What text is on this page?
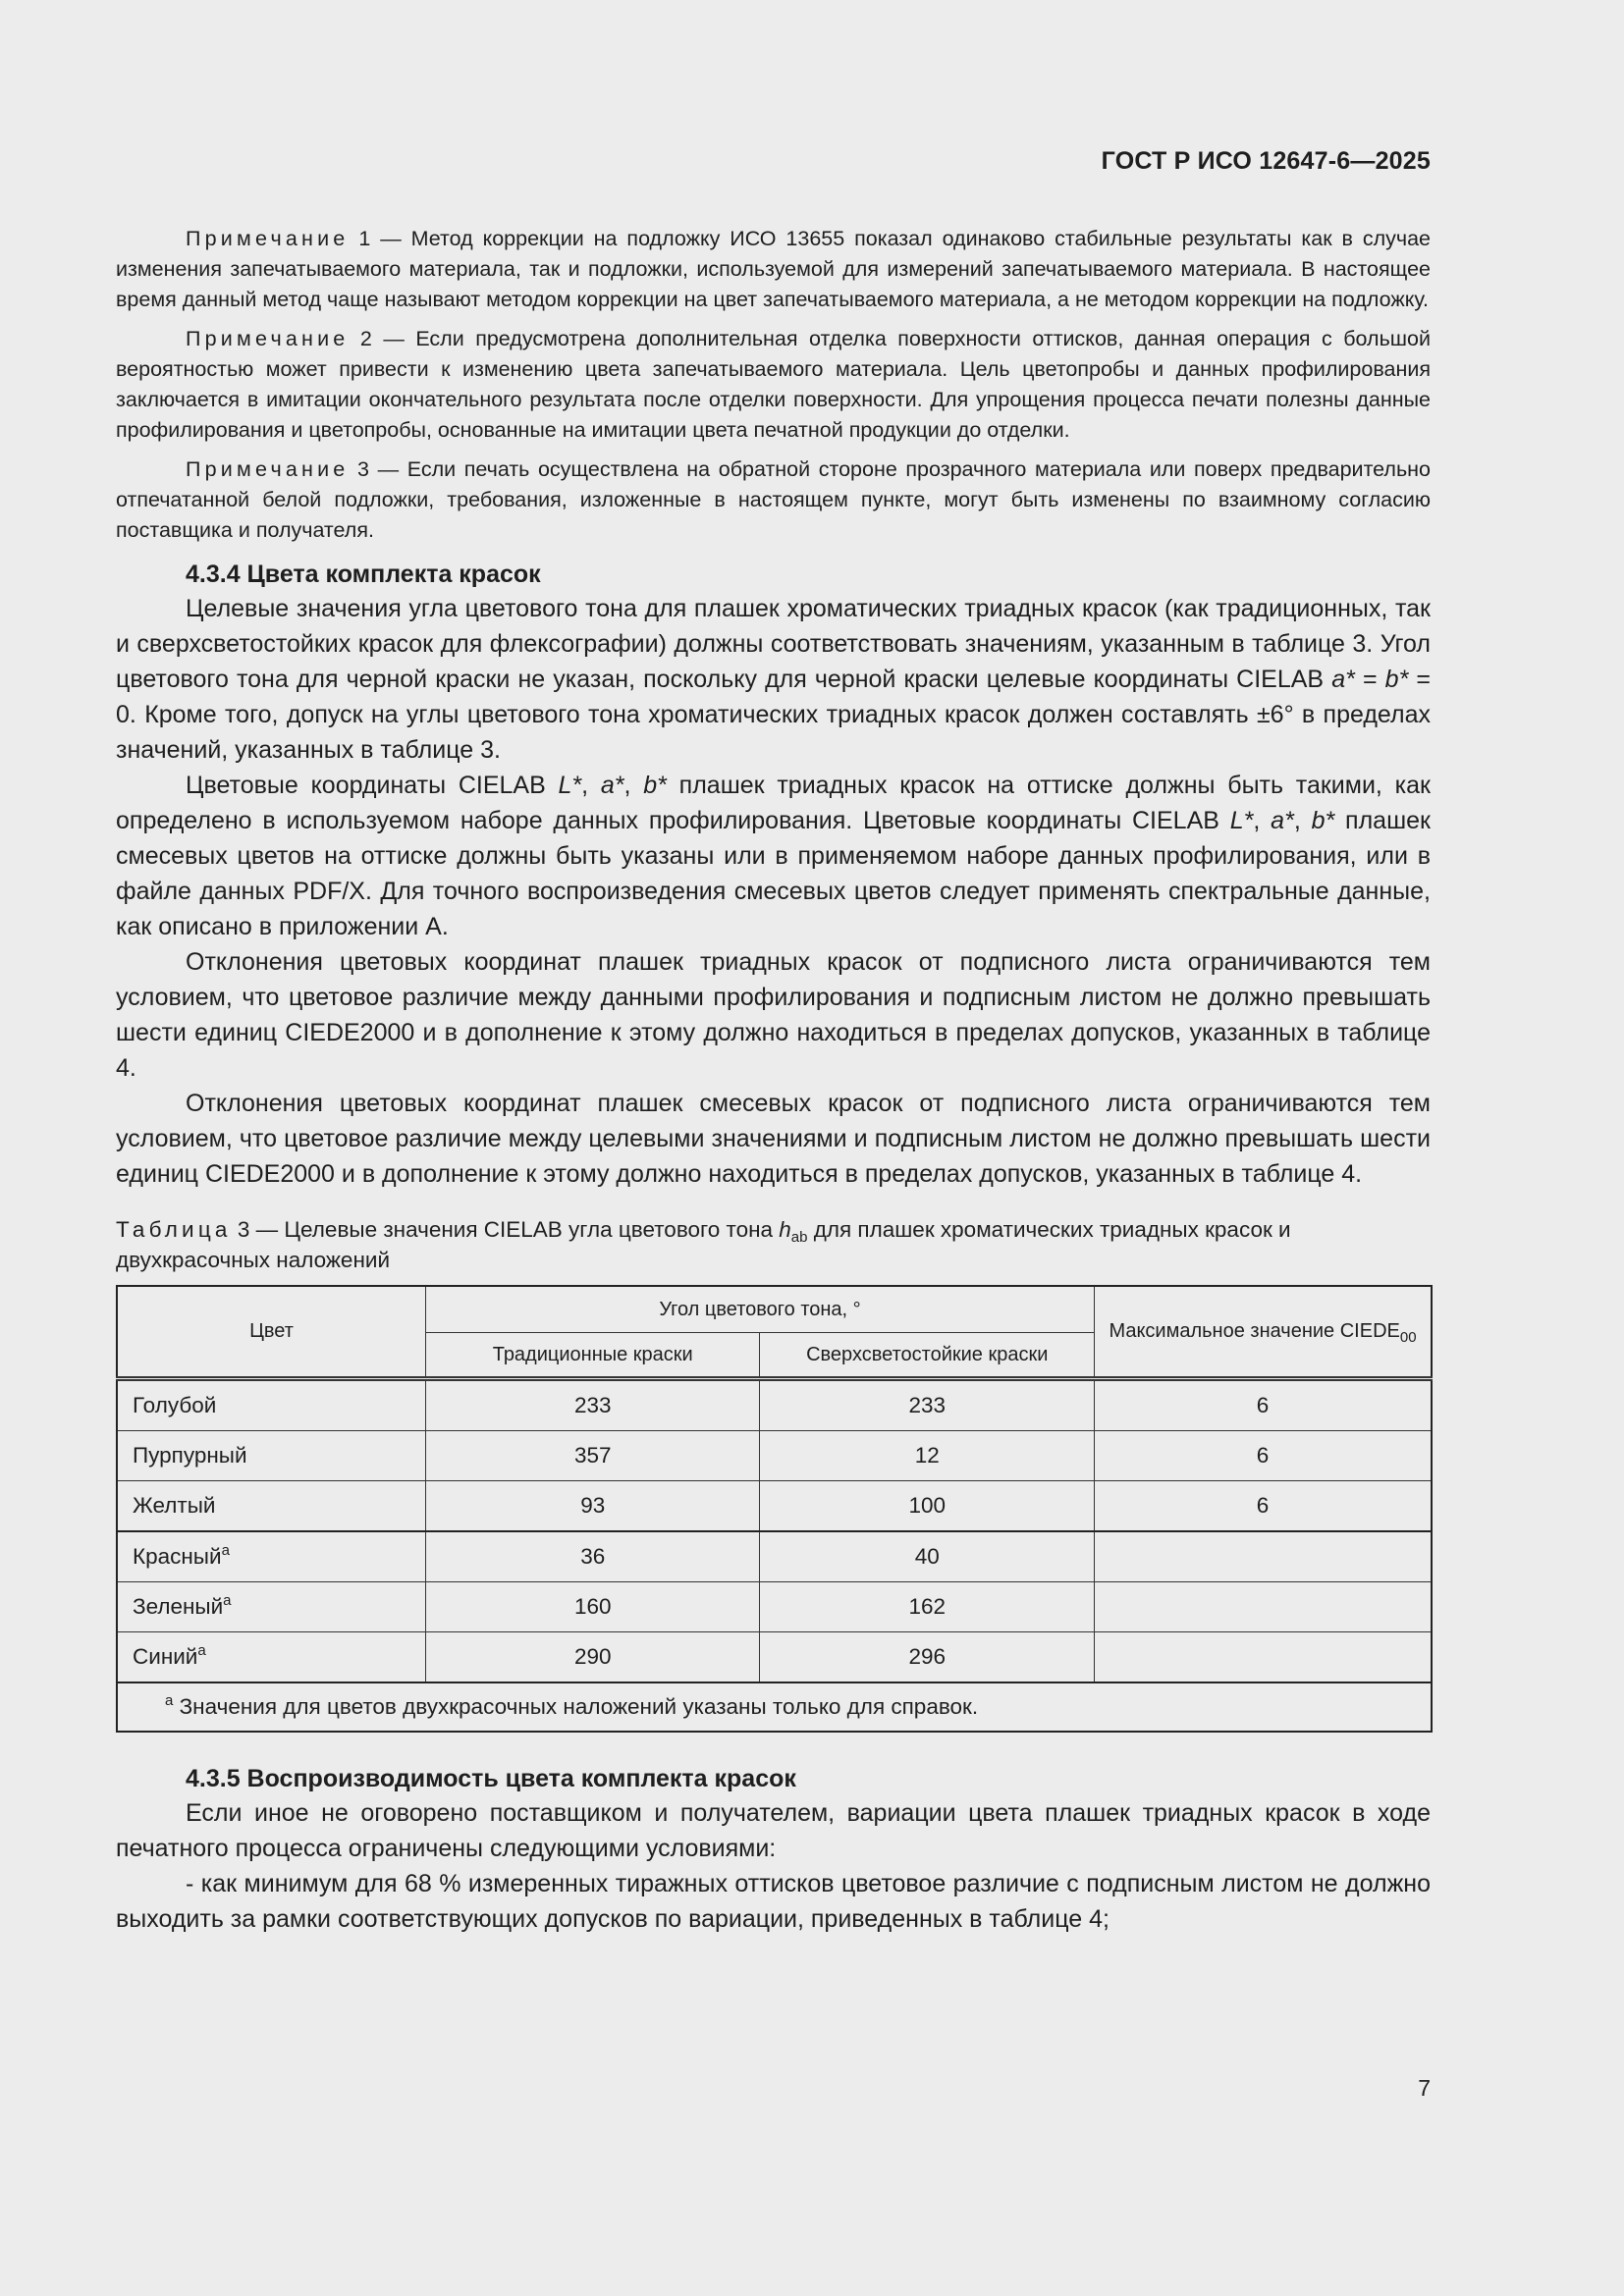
ГОСТ Р ИСО 12647-6—2025

Примечание 1 — Метод коррекции на подложку ИСО 13655 показал одинаково стабильные результаты как в случае изменения запечатываемого материала, так и подложки, используемой для измерений запечатываемого материала. В настоящее время данный метод чаще называют методом коррекции на цвет запечатываемого материала, а не методом коррекции на подложку.

Примечание 2 — Если предусмотрена дополнительная отделка поверхности оттисков, данная операция с большой вероятностью может привести к изменению цвета запечатываемого материала. Цель цветопробы и данных профилирования заключается в имитации окончательного результата после отделки поверхности. Для упрощения процесса печати полезны данные профилирования и цветопробы, основанные на имитации цвета печатной продукции до отделки.

Примечание 3 — Если печать осуществлена на обратной стороне прозрачного материала или поверх предварительно отпечатанной белой подложки, требования, изложенные в настоящем пункте, могут быть изменены по взаимному согласию поставщика и получателя.

4.3.4 Цвета комплекта красок

Целевые значения угла цветового тона для плашек хроматических триадных красок (как традиционных, так и сверхсветостойких красок для флексографии) должны соответствовать значениям, указанным в таблице 3. Угол цветового тона для черной краски не указан, поскольку для черной краски целевые координаты CIELAB a* = b* = 0. Кроме того, допуск на углы цветового тона хроматических триадных красок должен составлять ±6° в пределах значений, указанных в таблице 3.

Цветовые координаты CIELAB L*, a*, b* плашек триадных красок на оттиске должны быть такими, как определено в используемом наборе данных профилирования. Цветовые координаты CIELAB L*, a*, b* плашек смесевых цветов на оттиске должны быть указаны или в применяемом наборе данных профилирования, или в файле данных PDF/X. Для точного воспроизведения смесевых цветов следует применять спектральные данные, как описано в приложении А.

Отклонения цветовых координат плашек триадных красок от подписного листа ограничиваются тем условием, что цветовое различие между данными профилирования и подписным листом не должно превышать шести единиц CIEDE2000 и в дополнение к этому должно находиться в пределах допусков, указанных в таблице 4.

Отклонения цветовых координат плашек смесевых красок от подписного листа ограничиваются тем условием, что цветовое различие между целевыми значениями и подписным листом не должно превышать шести единиц CIEDE2000 и в дополнение к этому должно находиться в пределах допусков, указанных в таблице 4.

Таблица 3 — Целевые значения CIELAB угла цветового тона $h_{ab}$ для плашек хроматических триадных красок и двухкрасочных наложений
Цвет	Угол цветового тона, °		Максимальное значение $CIEDE_{00}$
	Традиционные краски	Сверхсветостойкие краски	
Голубой	233	233	6
Пурпурный	357	12	6
Желтый	93	100	6
Красный$^а$	36	40	
Зеленый$^а$	160	162	
Синий$^а$	290	296	
$^а$ Значения для цветов двухкрасочных наложений указаны только для справок.			
4.3.5 Воспроизводимость цвета комплекта красок

Если иное не оговорено поставщиком и получателем, вариации цвета плашек триадных красок в ходе печатного процесса ограничены следующими условиями:

- как минимум для 68 % измеренных тиражных оттисков цветовое различие с подписным листом не должно выходить за рамки соответствующих допусков по вариации, приведенных в таблице 4;

7
